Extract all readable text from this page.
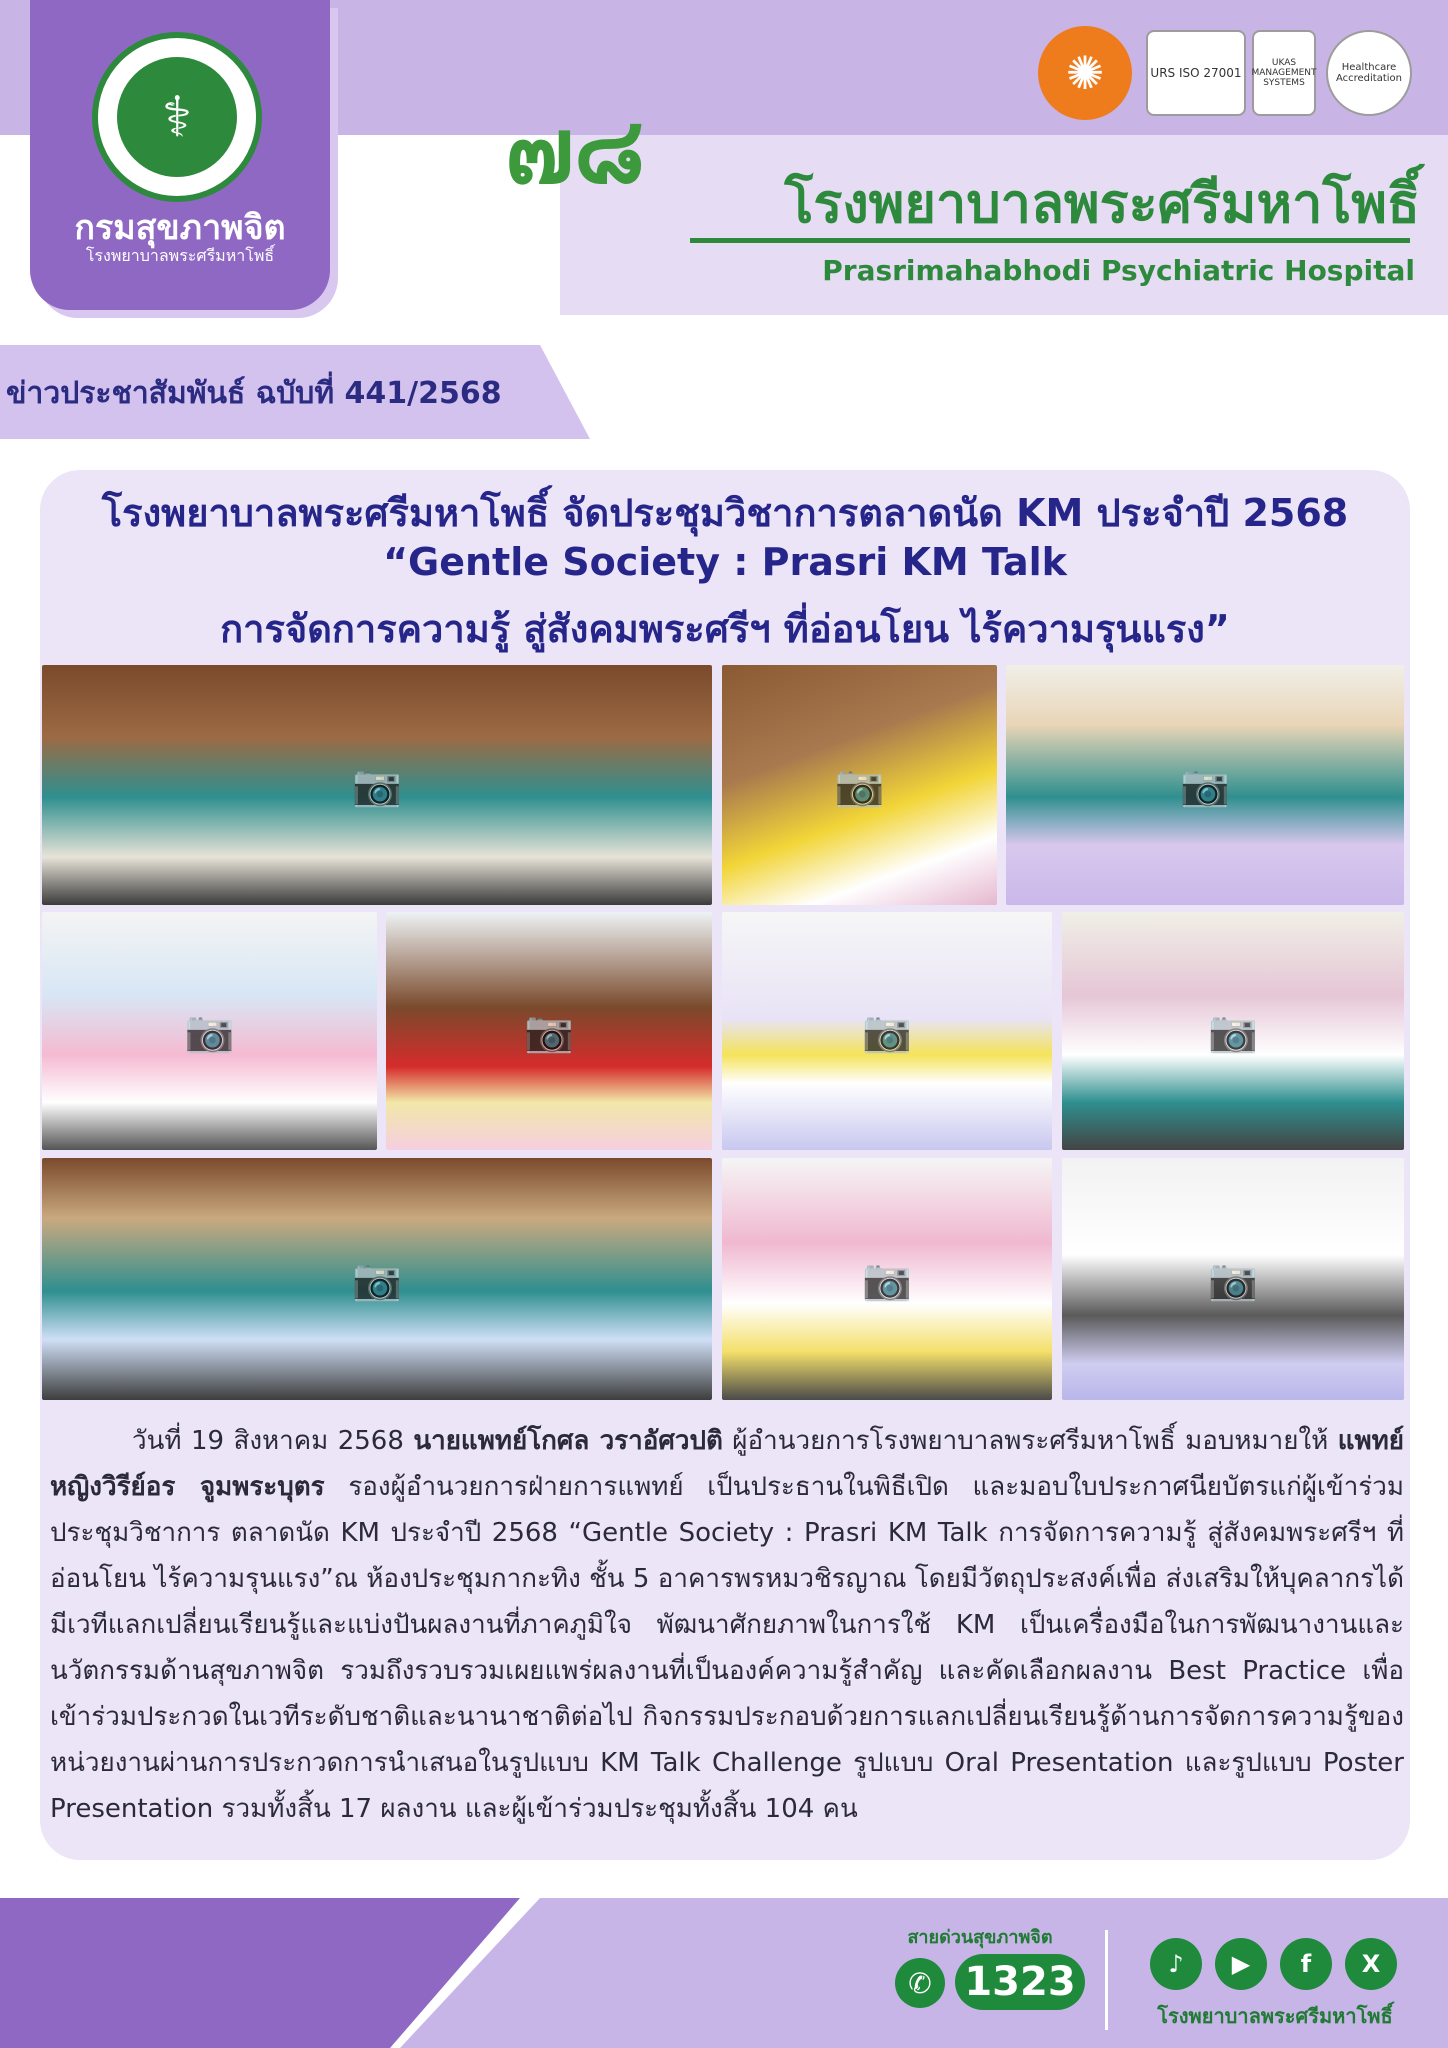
⚕
กรมสุขภาพจิต
โรงพยาบาลพระศรีมหาโพธิ์
๗๘	โรงพยาบาลพระศรีมหาโพธิ์
Prasrimahabhodi Psychiatric Hospital
✺	URS ISO 27001
UKAS MANAGEMENT SYSTEMS
Healthcare Accreditation
ข่าวประชาสัมพันธ์ ฉบับที่ 441/2568
โรงพยาบาลพระศรีมหาโพธิ์ จัดประชุมวิชาการตลาดนัด KM ประจำปี 2568
“Gentle Society : Prasri KM Talk
การจัดการความรู้ สู่สังคมพระศรีฯ ที่อ่อนโยน ไร้ความรุนแรง”
📷	📷	📷
📷	📷	📷	📷
📷	📷	📷
วันที่ 19 สิงหาคม 2568 นายแพทย์โกศล วราอัศวปติ ผู้อำนวยการโรงพยาบาลพระศรีมหาโพธิ์ มอบหมายให้ แพทย์หญิงวิรีย์อร จูมพระบุตร รองผู้อำนวยการฝ่ายการแพทย์ เป็นประธานในพิธีเปิด และมอบใบประกาศนียบัตรแก่ผู้เข้าร่วมประชุมวิชาการ ตลาดนัด KM ประจำปี 2568 “Gentle Society : Prasri KM Talk การจัดการความรู้ สู่สังคมพระศรีฯ ที่อ่อนโยน ไร้ความรุนแรง”ณ ห้องประชุมกากะทิง ชั้น 5 อาคารพรหมวชิรญาณ โดยมีวัตถุประสงค์เพื่อ ส่งเสริมให้บุคลากรได้มีเวทีแลกเปลี่ยนเรียนรู้และแบ่งปันผลงานที่ภาคภูมิใจ พัฒนาศักยภาพในการใช้ KM เป็นเครื่องมือในการพัฒนางานและนวัตกรรมด้านสุขภาพจิต รวมถึงรวบรวมเผยแพร่ผลงานที่เป็นองค์ความรู้สำคัญ และคัดเลือกผลงาน Best Practice เพื่อเข้าร่วมประกวดในเวทีระดับชาติและนานาชาติต่อไป กิจกรรมประกอบด้วยการแลกเปลี่ยนเรียนรู้ด้านการจัดการความรู้ของหน่วยงานผ่านการประกวดการนำเสนอในรูปแบบ KM Talk Challenge รูปแบบ Oral Presentation และรูปแบบ Poster Presentation รวมทั้งสิ้น 17 ผลงาน และผู้เข้าร่วมประชุมทั้งสิ้น 104 คน
สายด่วนสุขภาพจิต
✆ 1323	♪	▶	f	X
โรงพยาบาลพระศรีมหาโพธิ์
